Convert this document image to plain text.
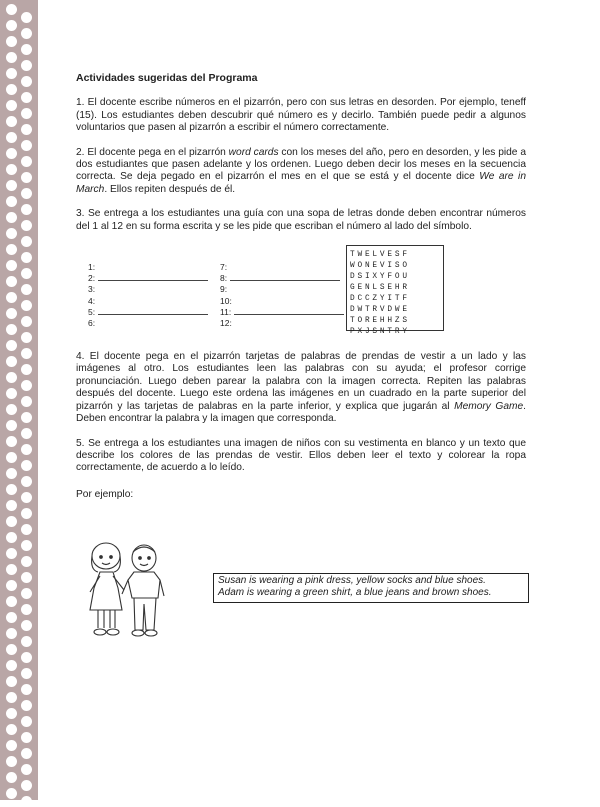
Actividades sugeridas del Programa

1. El docente escribe números en el pizarrón, pero con sus letras en desorden. Por ejemplo, teneff (15). Los estudiantes deben descubrir qué número es y decirlo. También puede pedir a algunos voluntarios que pasen al pizarrón a escribir el número correctamente.

2. El docente pega en el pizarrón word cards con los meses del año, pero en desorden, y les pide a dos estudiantes que pasen adelante y los ordenen. Luego deben decir los meses en la secuencia correcta. Se deja pegado en el pizarrón el mes en el que se está y el docente dice We are in March. Ellos repiten después de él.

3. Se entrega a los estudiantes una guía con una sopa de letras donde deben encontrar números del 1 al 12 en su forma escrita y se les pide que escriban el número al lado del símbolo.

1:
2:
3:
4:
5:
6:
7:
8:
9:
10:
11:
12:
TWELVESF
WONEVISO
DSIXYFOU
GENLSEHR
DCCZYITF
DWTRVDWE
TOREHHZS
PXJSNTRY

4. El docente pega en el pizarrón tarjetas de palabras de prendas de vestir a un lado y las imágenes al otro. Los estudiantes leen las palabras con su ayuda; el profesor corrige pronunciación. Luego deben parear la palabra con la imagen correcta. Repiten las palabras después del docente. Luego este ordena las imágenes en un cuadrado en la parte superior del pizarrón y las tarjetas de palabras en la parte inferior, y explica que jugarán al Memory Game. Deben encontrar la palabra y la imagen que corresponda.

5. Se entrega a los estudiantes una imagen de niños con su vestimenta en blanco y un texto que describe los colores de las prendas de vestir. Ellos deben leer el texto y colorear la ropa correctamente, de acuerdo a lo leído.

Por ejemplo:
Susan is wearing a pink dress, yellow socks and blue shoes.
Adam is wearing a green shirt, a blue jeans and brown shoes.
